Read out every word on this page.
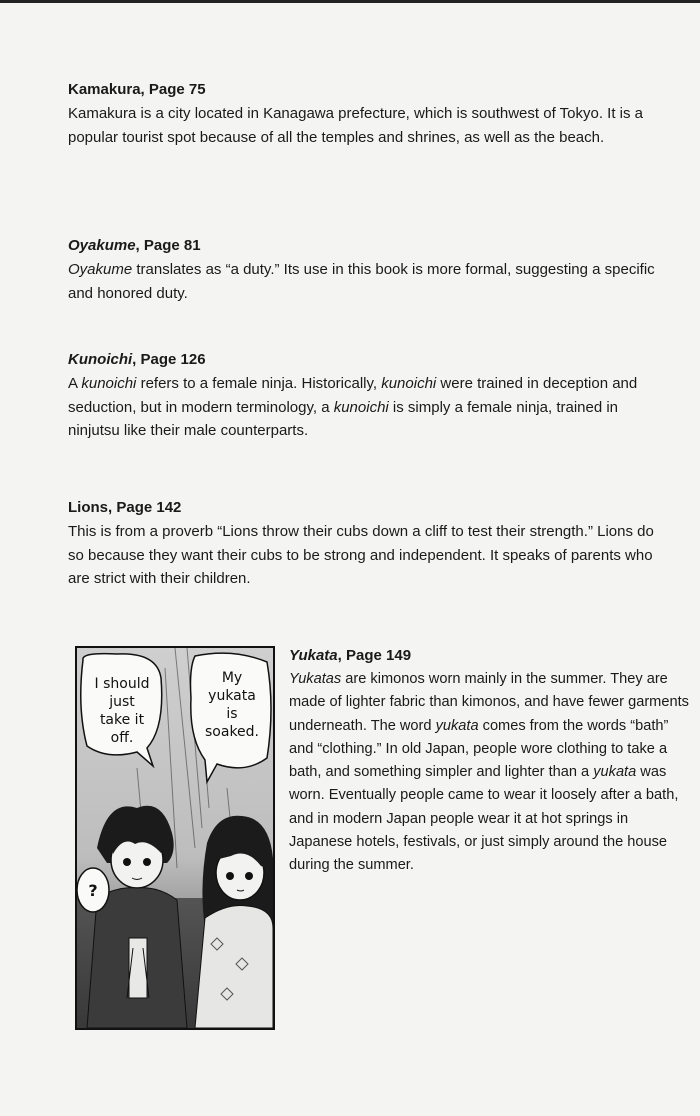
Kamakura, Page 75
Kamakura is a city located in Kanagawa prefecture, which is southwest of Tokyo. It is a popular tourist spot because of all the temples and shrines, as well as the beach.
Oyakume, Page 81
Oyakume translates as “a duty.” Its use in this book is more formal, suggesting a specific and honored duty.
Kunoichi, Page 126
A kunoichi refers to a female ninja. Historically, kunoichi were trained in deception and seduction, but in modern terminology, a kunoichi is simply a female ninja, trained in ninjutsu like their male counterparts.
Lions, Page 142
This is from a proverb “Lions throw their cubs down a cliff to test their strength.” Lions do so because they want their cubs to be strong and independent. It speaks of parents who are strict with their children.
I should
just
take it
off.
My
yukata
is
soaked.
?
Yukata, Page 149
Yukatas are kimonos worn mainly in the summer. They are made of lighter fabric than kimonos, and have fewer garments underneath. The word yukata comes from the words “bath” and “clothing.” In old Japan, people wore clothing to take a bath, and something simpler and lighter than a yukata was worn. Eventually people came to wear it loosely after a bath, and in modern Japan people wear it at hot springs in Japanese hotels, festivals, or just simply around the house during the summer.
